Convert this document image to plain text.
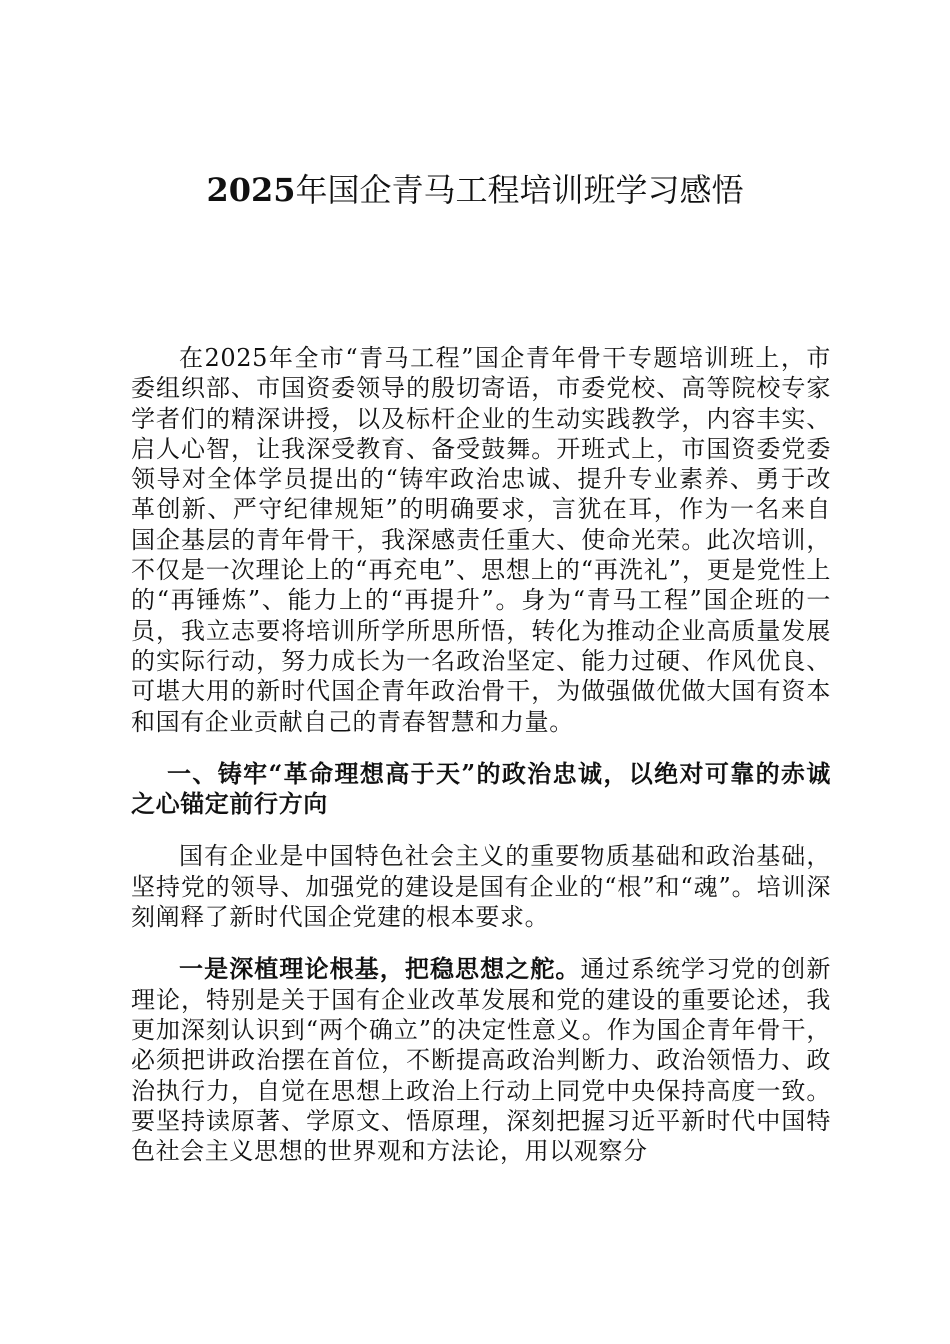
2025年国企青马工程培训班学习感悟

在2025年全市“青马工程”国企青年骨干专题培训班上，市委组织部、市国资委领导的殷切寄语，市委党校、高等院校专家学者们的精深讲授，以及标杆企业的生动实践教学，内容丰实、启人心智，让我深受教育、备受鼓舞。开班式上，市国资委党委领导对全体学员提出的“铸牢政治忠诚、提升专业素养、勇于改革创新、严守纪律规矩”的明确要求，言犹在耳，作为一名来自国企基层的青年骨干，我深感责任重大、使命光荣。此次培训，不仅是一次理论上的“再充电”、思想上的“再洗礼”，更是党性上的“再锤炼”、能力上的“再提升”。身为“青马工程”国企班的一员，我立志要将培训所学所思所悟，转化为推动企业高质量发展的实际行动，努力成长为一名政治坚定、能力过硬、作风优良、可堪大用的新时代国企青年政治骨干，为做强做优做大国有资本和国有企业贡献自己的青春智慧和力量。

一、铸牢“革命理想高于天”的政治忠诚，以绝对可靠的赤诚之心锚定前行方向

国有企业是中国特色社会主义的重要物质基础和政治基础，坚持党的领导、加强党的建设是国有企业的“根”和“魂”。培训深刻阐释了新时代国企党建的根本要求。

一是深植理论根基，把稳思想之舵。通过系统学习党的创新理论，特别是关于国有企业改革发展和党的建设的重要论述，我更加深刻认识到“两个确立”的决定性意义。作为国企青年骨干，必须把讲政治摆在首位，不断提高政治判断力、政治领悟力、政治执行力，自觉在思想上政治上行动上同党中央保持高度一致。要坚持读原著、学原文、悟原理，深刻把握习近平新时代中国特色社会主义思想的世界观和方法论，用以观察分
